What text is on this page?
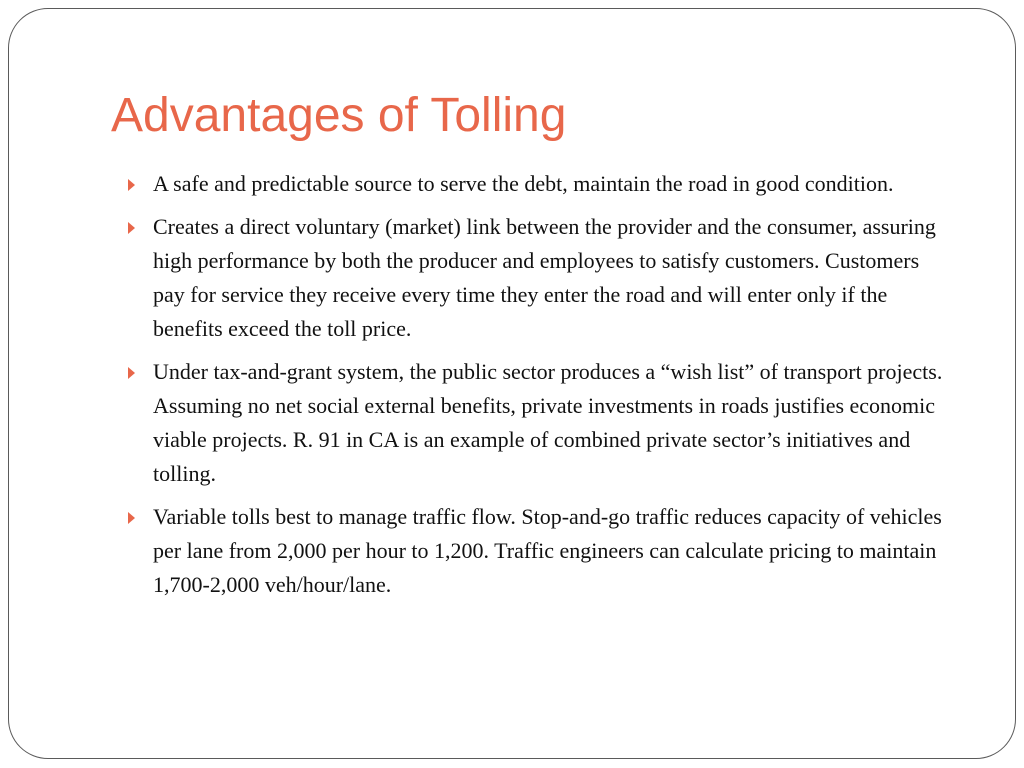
Advantages of Tolling
A safe and predictable source to serve the debt, maintain the road in good condition.
Creates a direct voluntary (market) link between the provider and the consumer, assuring high performance by both the producer and employees to satisfy customers. Customers pay for service they receive every time they enter the road and will enter only if the benefits exceed the toll price.
Under tax-and-grant system, the public sector produces a “wish list” of transport projects. Assuming no net social external benefits, private investments in roads justifies economic viable projects. R. 91 in CA is an example of combined private sector’s initiatives and tolling.
Variable tolls best to manage traffic flow. Stop-and-go traffic reduces capacity of vehicles per lane from 2,000 per hour to 1,200. Traffic engineers can calculate pricing to maintain 1,700-2,000 veh/hour/lane.
